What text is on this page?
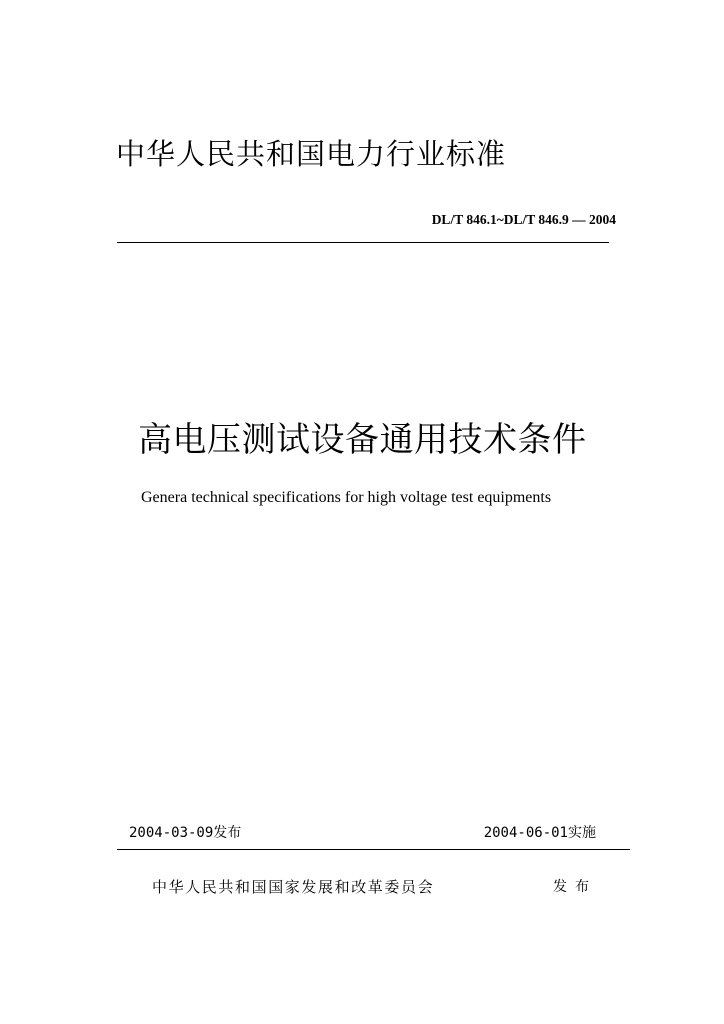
中华人民共和国电力行业标准
DL/T 846.1~DL/T 846.9 — 2004
高电压测试设备通用技术条件
Genera technical specifications for high voltage test equipments
2004-03-09发布	2004-06-01实施
中华人民共和国国家发展和改革委员会	发布
